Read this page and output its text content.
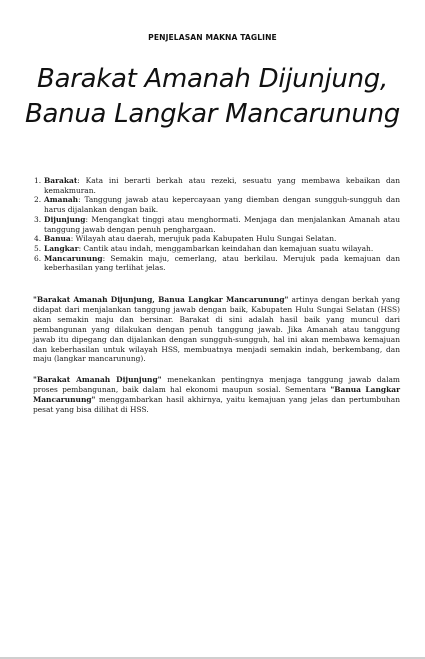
PENJELASAN MAKNA TAGLINE
Barakat Amanah Dijunjung,
Banua Langkar Mancarunung
1. Barakat: Kata ini berarti berkah atau rezeki, sesuatu yang membawa kebaikan dan kemakmuran.
2. Amanah: Tanggung jawab atau kepercayaan yang diemban dengan sungguh-sungguh dan harus dijalankan dengan baik.
3. Dijunjung: Mengangkat tinggi atau menghormati. Menjaga dan menjalankan Amanah atau tanggung jawab dengan penuh penghargaan.
4. Banua: Wilayah atau daerah, merujuk pada Kabupaten Hulu Sungai Selatan.
5. Langkar: Cantik atau indah, menggambarkan keindahan dan kemajuan suatu wilayah.
6. Mancarunung: Semakin maju, cemerlang, atau berkilau. Merujuk pada kemajuan dan keberhasilan yang terlihat jelas.

"Barakat Amanah Dijunjung, Banua Langkar Mancarunung" artinya dengan berkah yang didapat dari menjalankan tanggung jawab dengan baik, Kabupaten Hulu Sungai Selatan (HSS) akan semakin maju dan bersinar. Barakat di sini adalah hasil baik yang muncul dari pembangunan yang dilakukan dengan penuh tanggung jawab. Jika Amanah atau tanggung jawab itu dipegang dan dijalankan dengan sungguh-sungguh, hal ini akan membawa kemajuan dan keberhasilan untuk wilayah HSS, membuatnya menjadi semakin indah, berkembang, dan maju (langkar mancarunung).

"Barakat Amanah Dijunjung" menekankan pentingnya menjaga tanggung jawab dalam proses pembangunan, baik dalam hal ekonomi maupun sosial. Sementara "Banua Langkar Mancarunung" menggambarkan hasil akhirnya, yaitu kemajuan yang jelas dan pertumbuhan pesat yang bisa dilihat di HSS.
